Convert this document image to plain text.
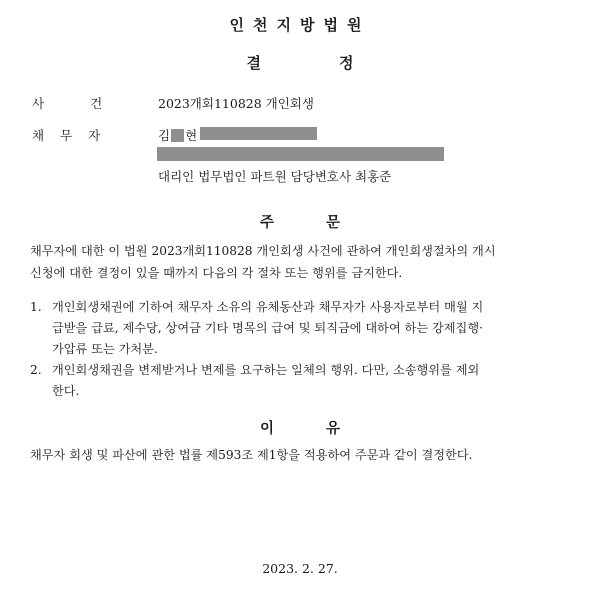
인천지방법원
결	정
사	건	2023개회110828 개인회생
채 무 자	김 현
대리인 법무법인 파트원 담당변호사 최홍준
주	문
채무자에 대한 이 법원 2023개회110828 개인회생 사건에 관하여 개인회생절차의 개시
신청에 대한 결정이 있을 때까지 다음의 각 절차 또는 행위를 금지한다.
1. 개인회생채권에 기하여 채무자 소유의 유체동산과 채무자가 사용자로부터 매월 지
급받을 급료, 제수당, 상여금 기타 명목의 급여 및 퇴직금에 대하여 하는 강제집행·
가압류 또는 가처분.
2. 개인회생채권을 변제받거나 변제를 요구하는 일체의 행위. 다만, 소송행위를 제외
한다.
이	유
채무자 회생 및 파산에 관한 법률 제593조 제1항을 적용하여 주문과 같이 결정한다.
2023. 2. 27.
